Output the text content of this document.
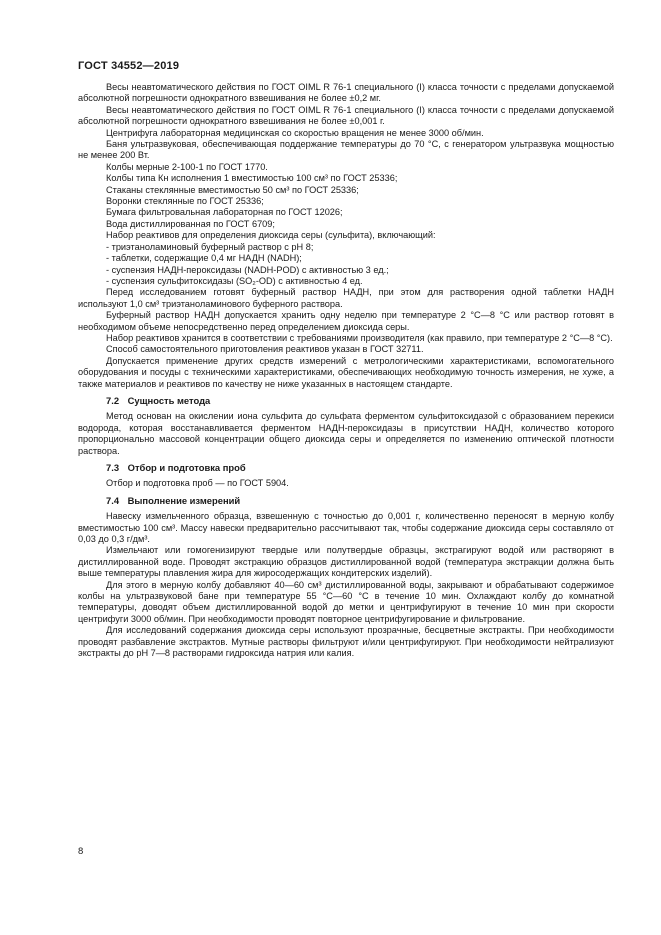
ГОСТ 34552—2019

Весы неавтоматического действия по ГОСТ OIML R 76-1 специального (I) класса точности с пределами допускаемой абсолютной погрешности однократного взвешивания не более ±0,2 мг.

Весы неавтоматического действия по ГОСТ OIML R 76-1 специального (I) класса точности с пределами допускаемой абсолютной погрешности однократного взвешивания не более ±0,001 г.

Центрифуга лабораторная медицинская со скоростью вращения не менее 3000 об/мин.

Баня ультразвуковая, обеспечивающая поддержание температуры до 70 °С, с генератором ультразвука мощностью не менее 200 Вт.

Колбы мерные 2-100-1 по ГОСТ 1770.

Колбы типа Кн исполнения 1 вместимостью 100 см³ по ГОСТ 25336;

Стаканы стеклянные вместимостью 50 см³ по ГОСТ 25336;

Воронки стеклянные по ГОСТ 25336;

Бумага фильтровальная лабораторная по ГОСТ 12026;

Вода дистиллированная по ГОСТ 6709;

Набор реактивов для определения диоксида серы (сульфита), включающий:

- триэтаноламиновый буферный раствор с pH 8;

- таблетки, содержащие 0,4 мг НАДН (NADH);

- суспензия НАДН-пероксидазы (NADH-POD) с активностью 3 ед.;

- суспензия сульфитоксидазы (SO₂-OD) с активностью 4 ед.

Перед исследованием готовят буферный раствор НАДН, при этом для растворения одной таблетки НАДН используют 1,0 см³ триэтаноламинового буферного раствора.

Буферный раствор НАДН допускается хранить одну неделю при температуре 2 °С—8 °С или раствор готовят в необходимом объеме непосредственно перед определением диоксида серы.

Набор реактивов хранится в соответствии с требованиями производителя (как правило, при температуре 2 °С—8 °С).

Способ самостоятельного приготовления реактивов указан в ГОСТ 32711.

Допускается применение других средств измерений с метрологическими характеристиками, вспомогательного оборудования и посуды с техническими характеристиками, обеспечивающих необходимую точность измерения, не хуже, а также материалов и реактивов по качеству не ниже указанных в настоящем стандарте.

7.2 Сущность метода

Метод основан на окислении иона сульфита до сульфата ферментом сульфитоксидазой с образованием перекиси водорода, которая восстанавливается ферментом НАДН-пероксидазы в присутствии НАДН, количество которого пропорционально массовой концентрации общего диоксида серы и определяется по изменению оптической плотности раствора.

7.3 Отбор и подготовка проб

Отбор и подготовка проб — по ГОСТ 5904.

7.4 Выполнение измерений

Навеску измельченного образца, взвешенную с точностью до 0,001 г, количественно переносят в мерную колбу вместимостью 100 см³. Массу навески предварительно рассчитывают так, чтобы содержание диоксида серы составляло от 0,03 до 0,3 г/дм³.

Измельчают или гомогенизируют твердые или полутвердые образцы, экстрагируют водой или растворяют в дистиллированной воде. Проводят экстракцию образцов дистиллированной водой (температура экстракции должна быть выше температуры плавления жира для жиросодержащих кондитерских изделий).

Для этого в мерную колбу добавляют 40—60 см³ дистиллированной воды, закрывают и обрабатывают содержимое колбы на ультразвуковой бане при температуре 55 °С—60 °С в течение 10 мин. Охлаждают колбу до комнатной температуры, доводят объем дистиллированной водой до метки и центрифугируют в течение 10 мин при скорости центрифуги 3000 об/мин. При необходимости проводят повторное центрифугирование и фильтрование.

Для исследований содержания диоксида серы используют прозрачные, бесцветные экстракты. При необходимости проводят разбавление экстрактов. Мутные растворы фильтруют и/или центрифугируют. При необходимости нейтрализуют экстракты до pH 7—8 растворами гидроксида натрия или калия.

8
